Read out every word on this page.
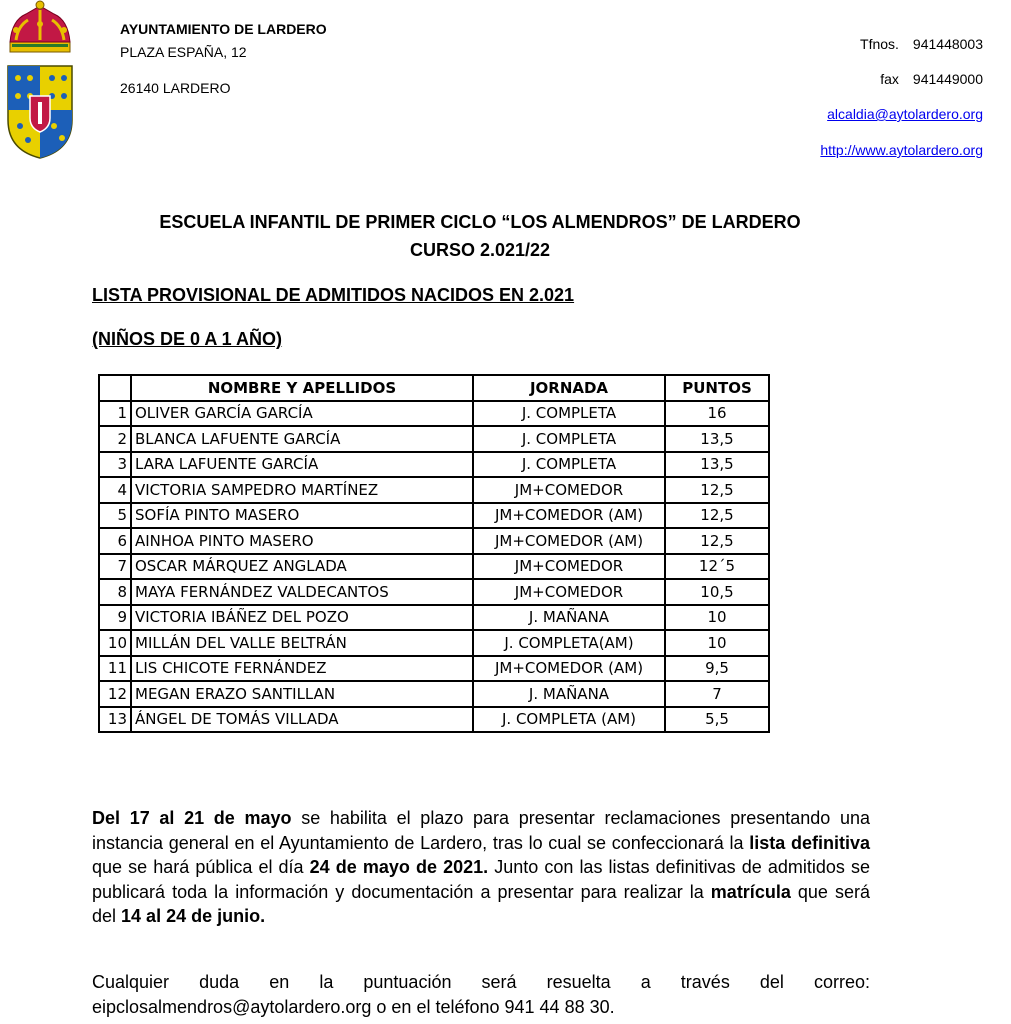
AYUNTAMIENTO DE LARDERO
PLAZA ESPAÑA, 12
26140 LARDERO
Tfnos. 941448003
fax 941449000
alcaldia@aytolardero.org
http://www.aytolardero.org
ESCUELA INFANTIL DE PRIMER CICLO “LOS ALMENDROS” DE LARDERO
CURSO 2.021/22
LISTA PROVISIONAL DE ADMITIDOS NACIDOS EN 2.021
(NIÑOS DE 0 A 1 AÑO)
	NOMBRE Y APELLIDOS	JORNADA	PUNTOS
1	OLIVER GARCÍA GARCÍA	J. COMPLETA	16
2	BLANCA LAFUENTE GARCÍA	J. COMPLETA	13,5
3	LARA LAFUENTE GARCÍA	J. COMPLETA	13,5
4	VICTORIA SAMPEDRO MARTÍNEZ	JM+COMEDOR	12,5
5	SOFÍA PINTO MASERO	JM+COMEDOR (AM)	12,5
6	AINHOA PINTO MASERO	JM+COMEDOR (AM)	12,5
7	OSCAR MÁRQUEZ ANGLADA	JM+COMEDOR	12´5
8	MAYA FERNÁNDEZ VALDECANTOS	JM+COMEDOR	10,5
9	VICTORIA IBÁÑEZ DEL POZO	J. MAÑANA	10
10	MILLÁN DEL VALLE BELTRÁN	J. COMPLETA(AM)	10
11	LIS CHICOTE FERNÁNDEZ	JM+COMEDOR (AM)	9,5
12	MEGAN ERAZO SANTILLAN	J. MAÑANA	7
13	ÁNGEL DE TOMÁS VILLADA	J. COMPLETA (AM)	5,5
Del 17 al 21 de mayo se habilita el plazo para presentar reclamaciones presentando una instancia general en el Ayuntamiento de Lardero, tras lo cual se confeccionará la lista definitiva que se hará pública el día 24 de mayo de 2021. Junto con las listas definitivas de admitidos se publicará toda la información y documentación a presentar para realizar la matrícula que será del 14 al 24 de junio.
Cualquier duda en la puntuación será resuelta a través del correo: eipclosalmendros@aytolardero.org o en el teléfono 941 44 88 30.
